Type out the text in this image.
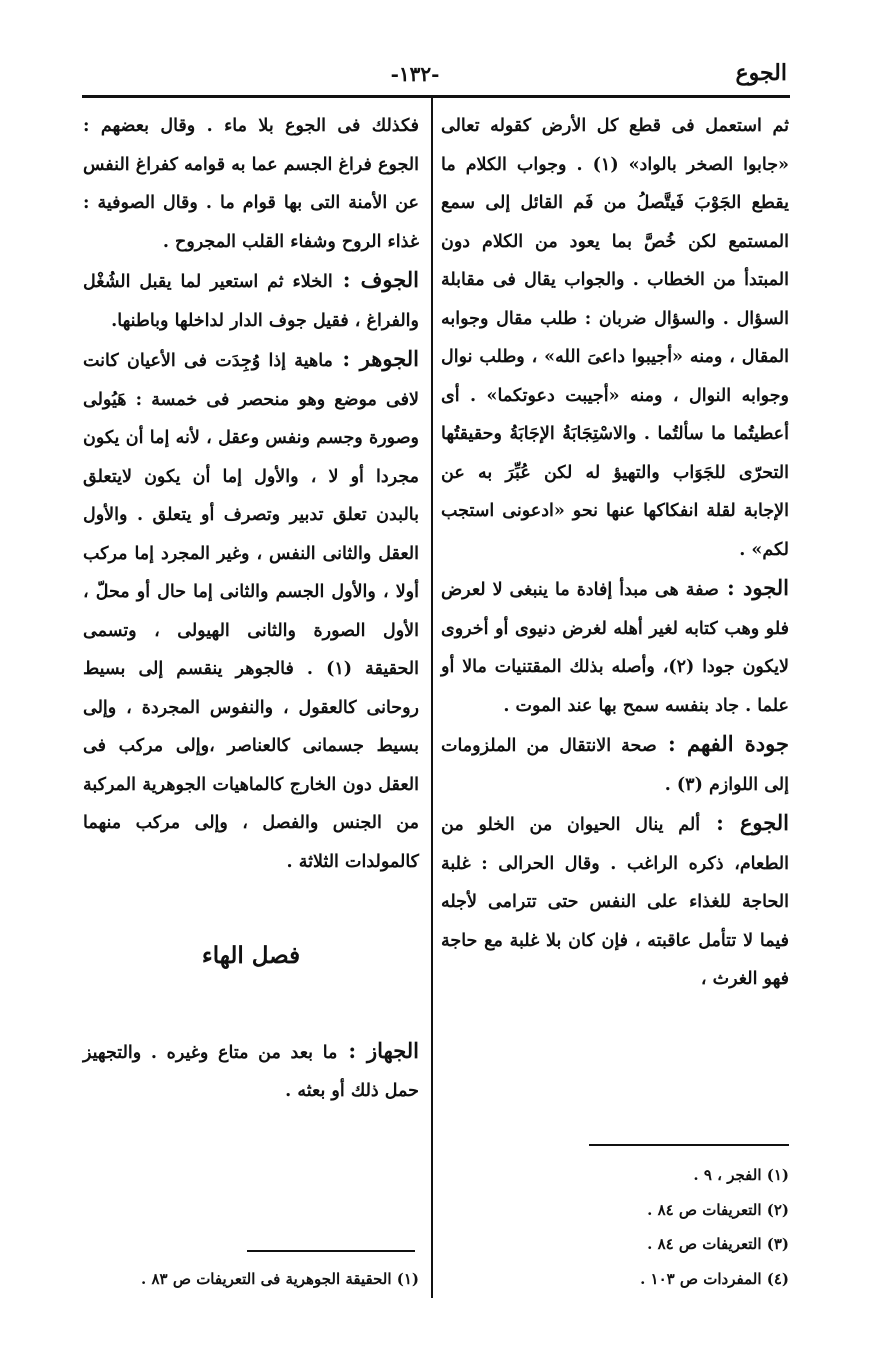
الجوع
-١٣٢-

ثم استعمل فى قطع كل الأرض كقوله تعالى «جابوا الصخر بالواد» (١) . وجواب الكلام ما يقطع الجَوْبَ فَيتَّصلُ من فَم القائل إلى سمع المستمع لكن خُصَّ بما يعود من الكلام دون المبتدأ من الخطاب . والجواب يقال فى مقابلة السؤال . والسؤال ضربان : طلب مقال وجوابه المقال ، ومنه «أجيبوا داعىَ الله» ، وطلب نوال وجوابه النوال ، ومنه «أجيبت دعوتكما» . أى أعطيتُما ما سألتُما . والاسْتِجَابَةُ الإجَابَةُ وحقيقتُها التحرّى للجَوَاب والتهيؤ له لكن عُبِّرَ به عن الإجابة لقلة انفكاكها عنها نحو «ادعونى استجب لكم» .

الجود : صفة هى مبدأ إفادة ما ينبغى لا لعرض فلو وهب كتابه لغير أهله لغرض دنيوى أو أخروى لايكون جودا (٢)، وأصله بذلك المقتنيات مالا أو علما . جاد بنفسه سمح بها عند الموت .

جودة الفهم : صحة الانتقال من الملزومات إلى اللوازم (٣) .

الجوع : ألم ينال الحيوان من الخلو من الطعام، ذكره الراغب . وقال الحرالى : غلبة الحاجة للغذاء على النفس حتى تترامى لأجله فيما لا تتأمل عاقبته ، فإن كان بلا غلبة مع حاجة فهو الغرث ،

فكذلك فى الجوع بلا ماء . وقال بعضهم : الجوع فراغ الجسم عما به قوامه كفراغ النفس عن الأمنة التى بها قوام ما . وقال الصوفية : غذاء الروح وشفاء القلب المجروح .

الجوف : الخلاء ثم استعير لما يقبل الشُغْل والفراغ ، فقيل جوف الدار لداخلها وباطنها.

الجوهر : ماهية إذا وُجِدَت فى الأعيان كانت لافى موضع وهو منحصر فى خمسة : هَيُولى وصورة وجسم ونفس وعقل ، لأنه إما أن يكون مجردا أو لا ، والأول إما أن يكون لايتعلق بالبدن تعلق تدبير وتصرف أو يتعلق . والأول العقل والثانى النفس ، وغير المجرد إما مركب أولا ، والأول الجسم والثانى إما حال أو محلّ ، الأول الصورة والثانى الهيولى ، وتسمى الحقيقة (١) . فالجوهر ينقسم إلى بسيط روحانى كالعقول ، والنفوس المجردة ، وإلى بسيط جسمانى كالعناصر ،وإلى مركب فى العقل دون الخارج كالماهيات الجوهرية المركبة من الجنس والفصل ، وإلى مركب منهما كالمولدات الثلاثة .

فصل الهاء

الجهاز : ما بعد من متاع وغيره . والتجهيز حمل ذلك أو بعثه .

(١) الفجر ، ٩ .
(٢) التعريفات ص ٨٤ .
(٣) التعريفات ص ٨٤ .
(٤) المفردات ص ١٠٣ .
(١) الحقيقة الجوهرية فى التعريفات ص ٨٣ .
